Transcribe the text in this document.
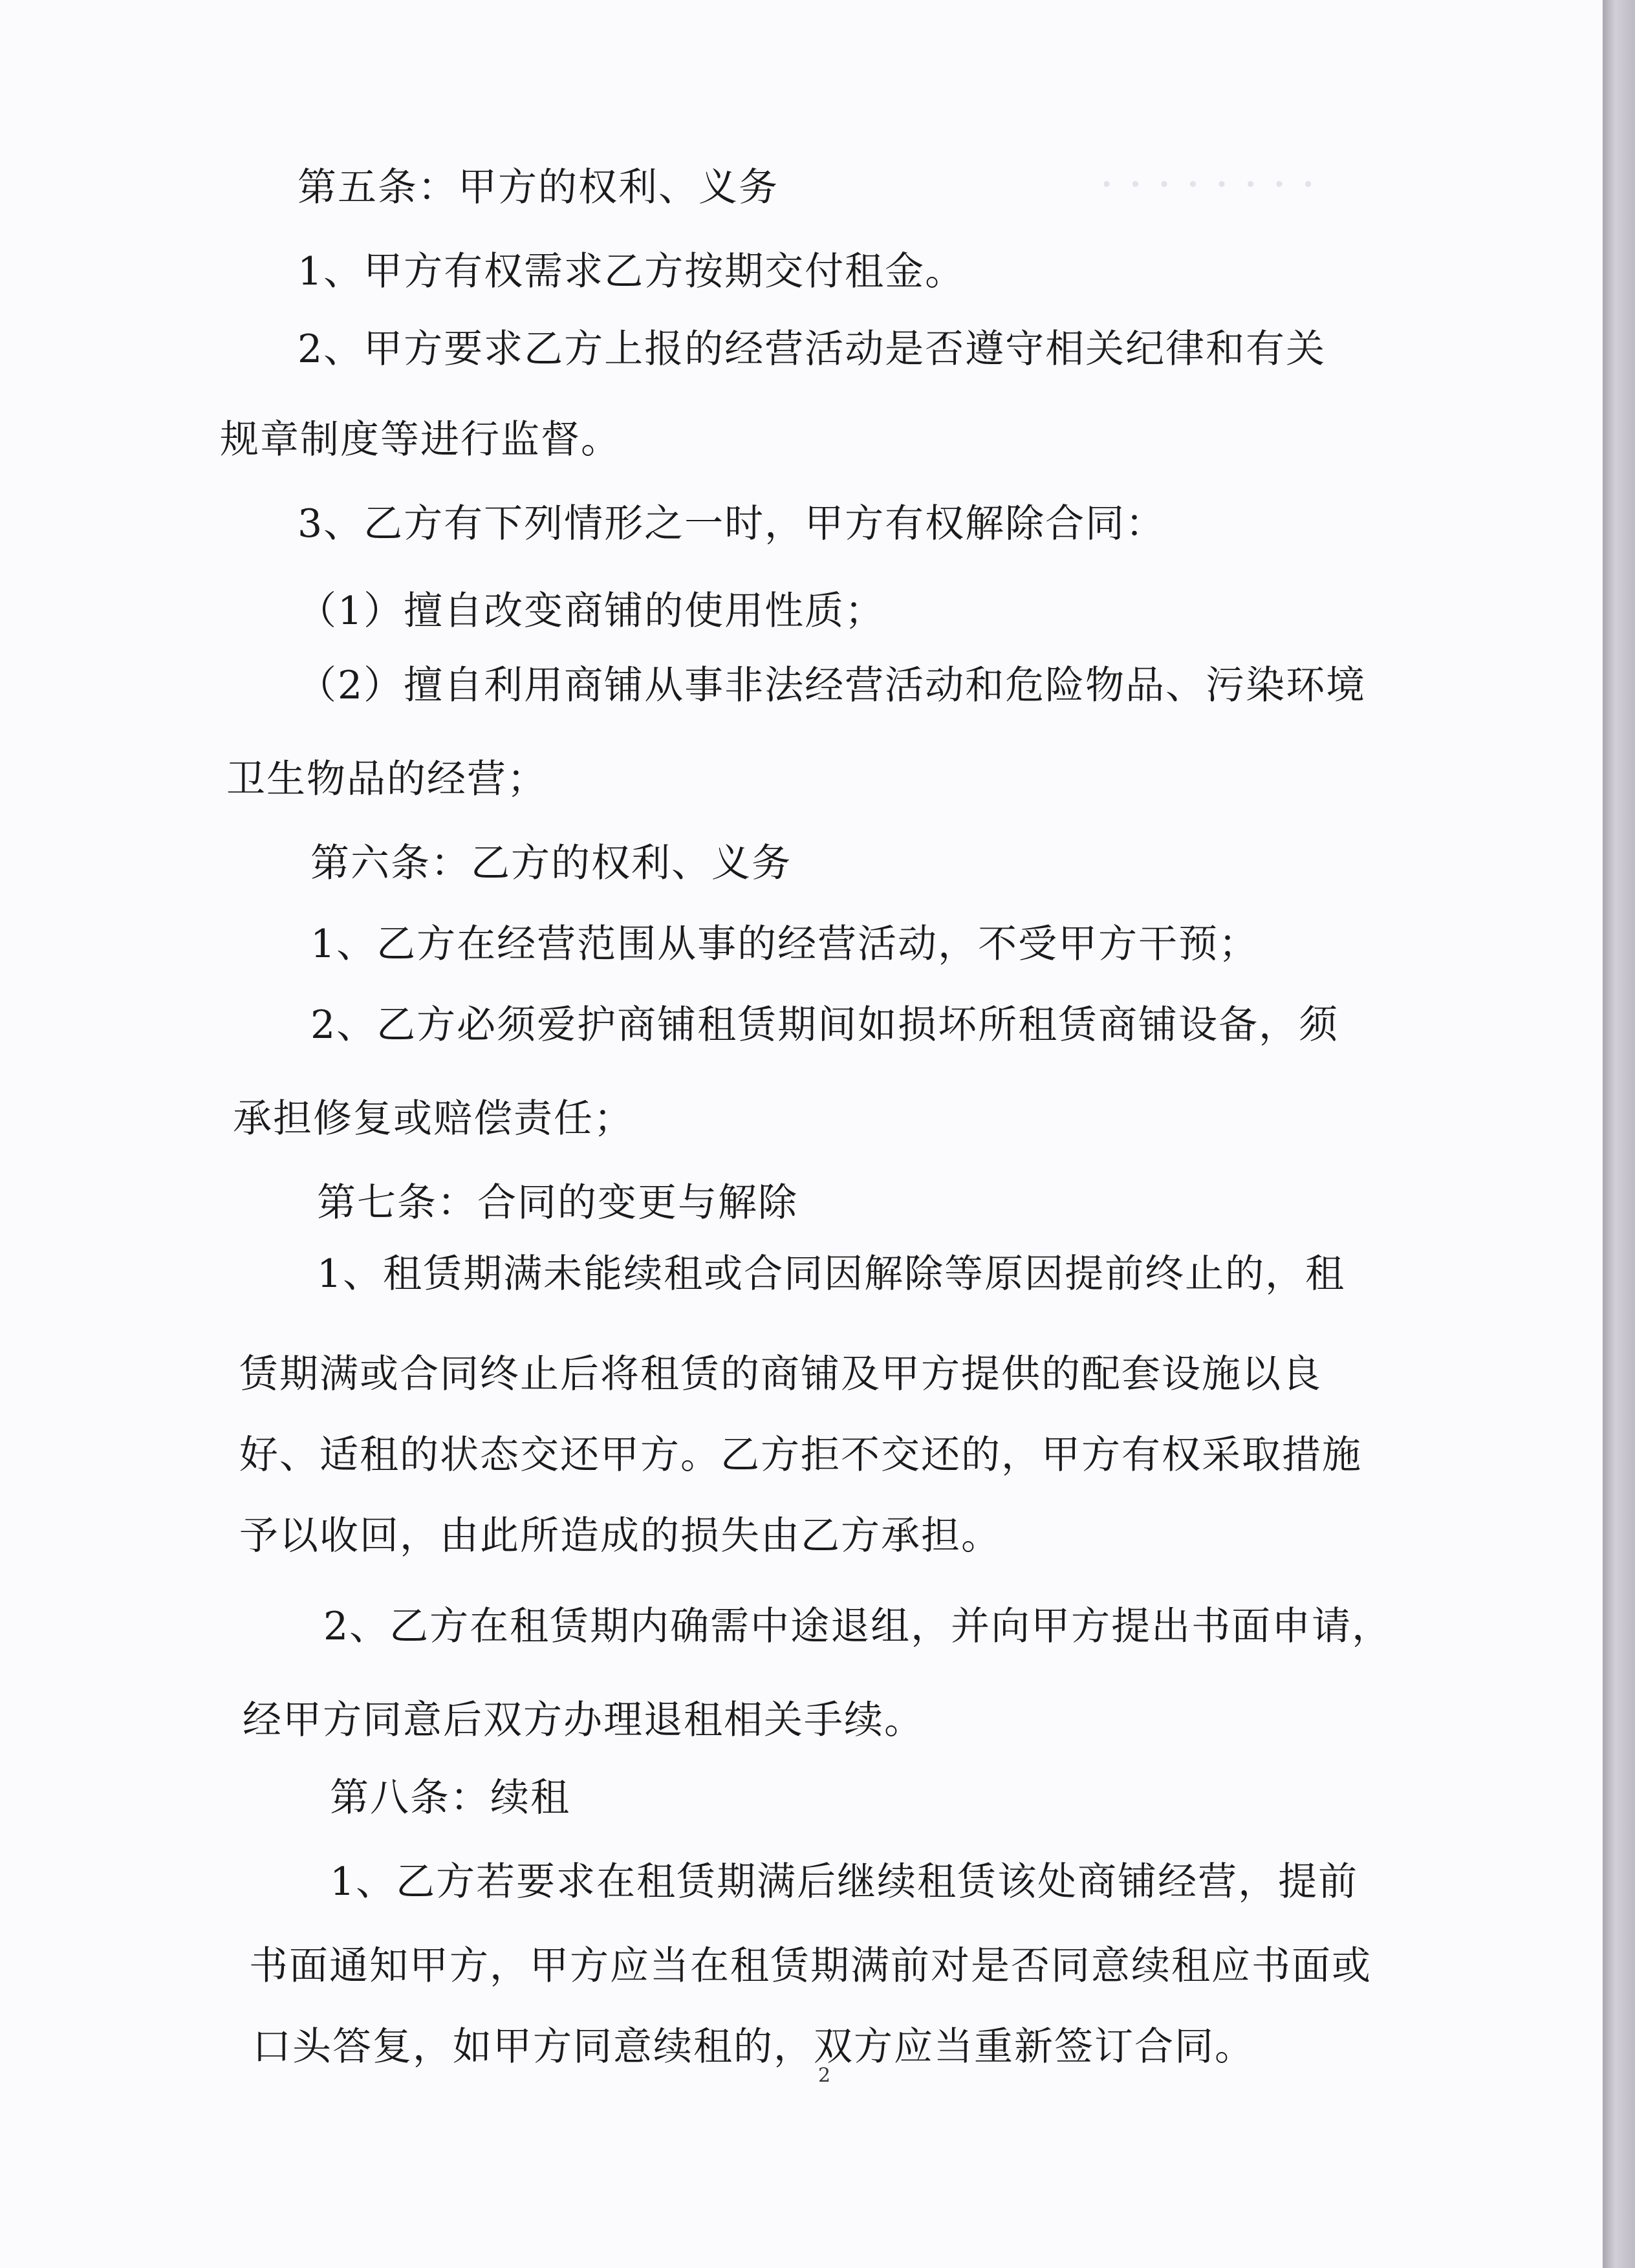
· · · · · · · ·
第五条：甲方的权利、义务
1、甲方有权需求乙方按期交付租金。
2、甲方要求乙方上报的经营活动是否遵守相关纪律和有关
规章制度等进行监督。
3、乙方有下列情形之一时，甲方有权解除合同：
（1）擅自改变商铺的使用性质；
（2）擅自利用商铺从事非法经营活动和危险物品、污染环境
卫生物品的经营；
第六条：乙方的权利、义务
1、乙方在经营范围从事的经营活动，不受甲方干预；
2、乙方必须爱护商铺租赁期间如损坏所租赁商铺设备，须
承担修复或赔偿责任；
第七条：合同的变更与解除
1、租赁期满未能续租或合同因解除等原因提前终止的，租
赁期满或合同终止后将租赁的商铺及甲方提供的配套设施以良
好、适租的状态交还甲方。乙方拒不交还的，甲方有权采取措施
予以收回，由此所造成的损失由乙方承担。
2、乙方在租赁期内确需中途退组，并向甲方提出书面申请，
经甲方同意后双方办理退租相关手续。
第八条：续租
1、乙方若要求在租赁期满后继续租赁该处商铺经营，提前
书面通知甲方，甲方应当在租赁期满前对是否同意续租应书面或
口头答复，如甲方同意续租的，双方应当重新签订合同。
2
